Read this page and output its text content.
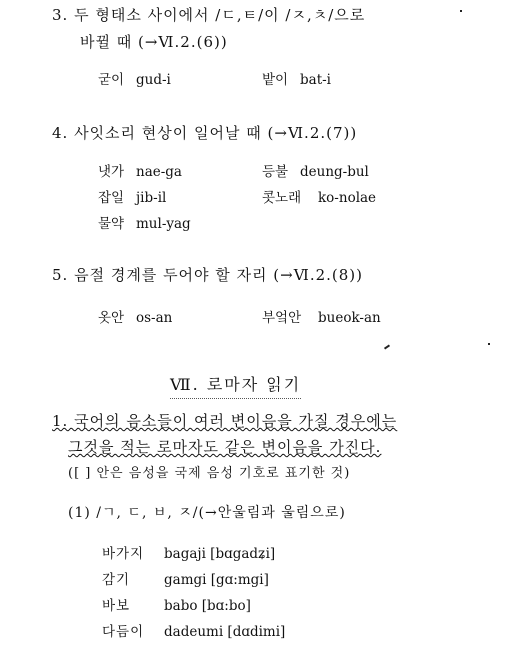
3. 두 형태소 사이에서 /ㄷ,ㅌ/이 /ㅈ,ㅊ/으로
바뀔 때 (→Ⅵ.2.(6))
굳이 gud-i	밭이 bat-i
4. 사잇소리 현상이 일어날 때 (→Ⅵ.2.(7))
냇가 nae-ga	등불 deung-bul
잡일 jib-il	콧노래 ko-nolae
물약 mul-yag
5. 음절 경계를 두어야 할 자리 (→Ⅵ.2.(8))
옷안 os-an	부엌안 bueok-an
Ⅶ. 로마자 읽기
1. 국어의 음소들이 여러 변이음을 가질 경우에는
그것을 적는 로마자도 같은 변이음을 가진다.
([ ] 안은 음성을 국제 음성 기호로 표기한 것)
(1) /ㄱ, ㄷ, ㅂ, ㅈ/(→안울림과 울림으로)
바가지 bagaji [bɑgadʑi]
감기	gamgi [gɑ:mgi]
바보	babo [bɑ:bo]
다듬이 dadeumi [dɑdimi]
